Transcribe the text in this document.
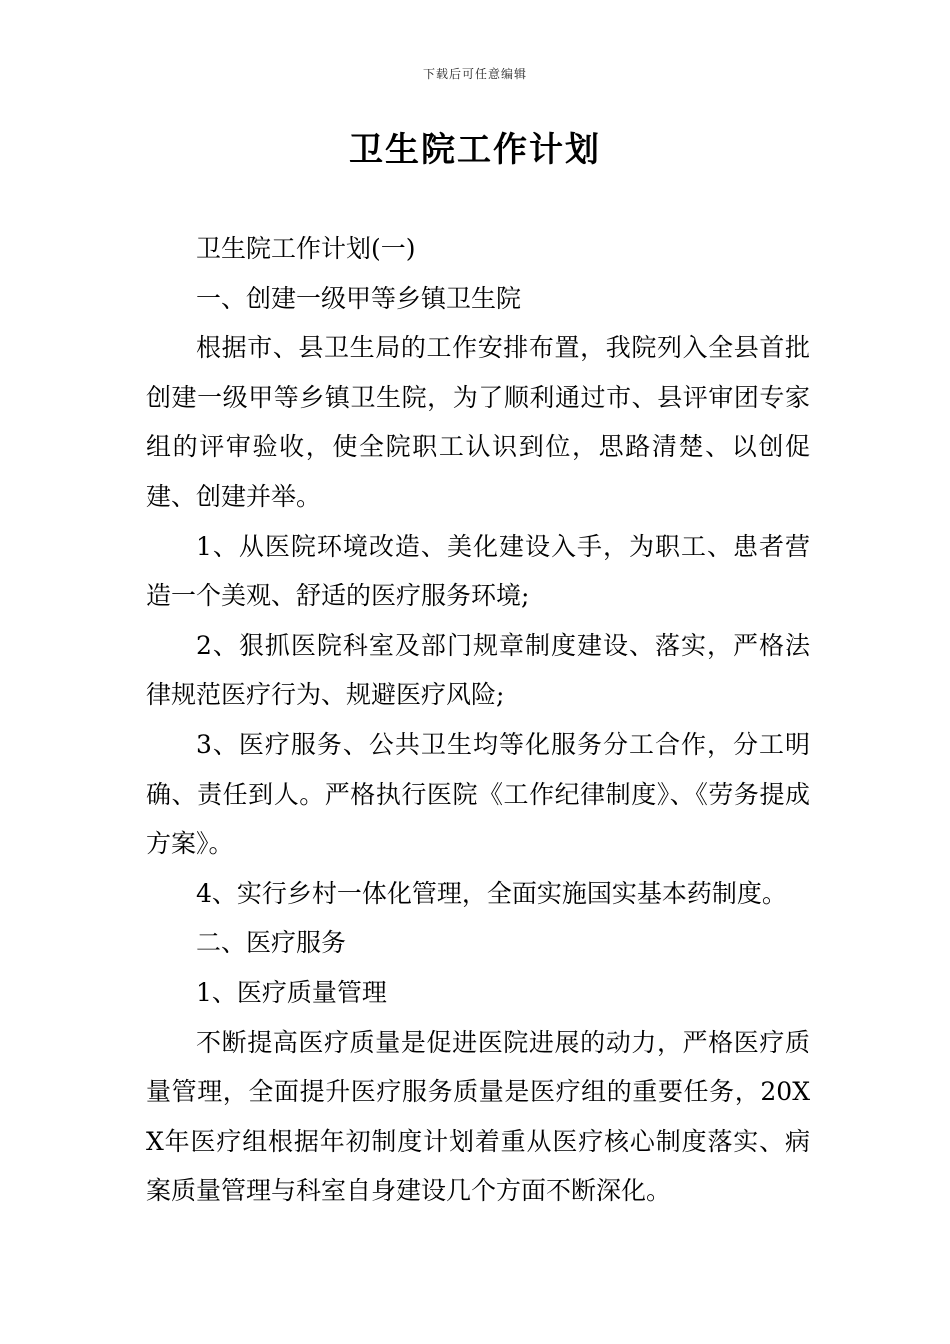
下载后可任意编辑
卫生院工作计划

卫生院工作计划(一)

一、创建一级甲等乡镇卫生院

根据市、县卫生局的工作安排布置，我院列入全县首批创建一级甲等乡镇卫生院，为了顺利通过市、县评审团专家组的评审验收，使全院职工认识到位，思路清楚、以创促建、创建并举。

1、从医院环境改造、美化建设入手，为职工、患者营造一个美观、舒适的医疗服务环境;

2、狠抓医院科室及部门规章制度建设、落实，严格法律规范医疗行为、规避医疗风险;

3、医疗服务、公共卫生均等化服务分工合作，分工明确、责任到人。严格执行医院《工作纪律制度》、《劳务提成方案》。

4、实行乡村一体化管理，全面实施国实基本药制度。

二、医疗服务

1、医疗质量管理

不断提高医疗质量是促进医院进展的动力，严格医疗质量管理，全面提升医疗服务质量是医疗组的重要任务，20XX年医疗组根据年初制度计划着重从医疗核心制度落实、病案质量管理与科室自身建设几个方面不断深化。
